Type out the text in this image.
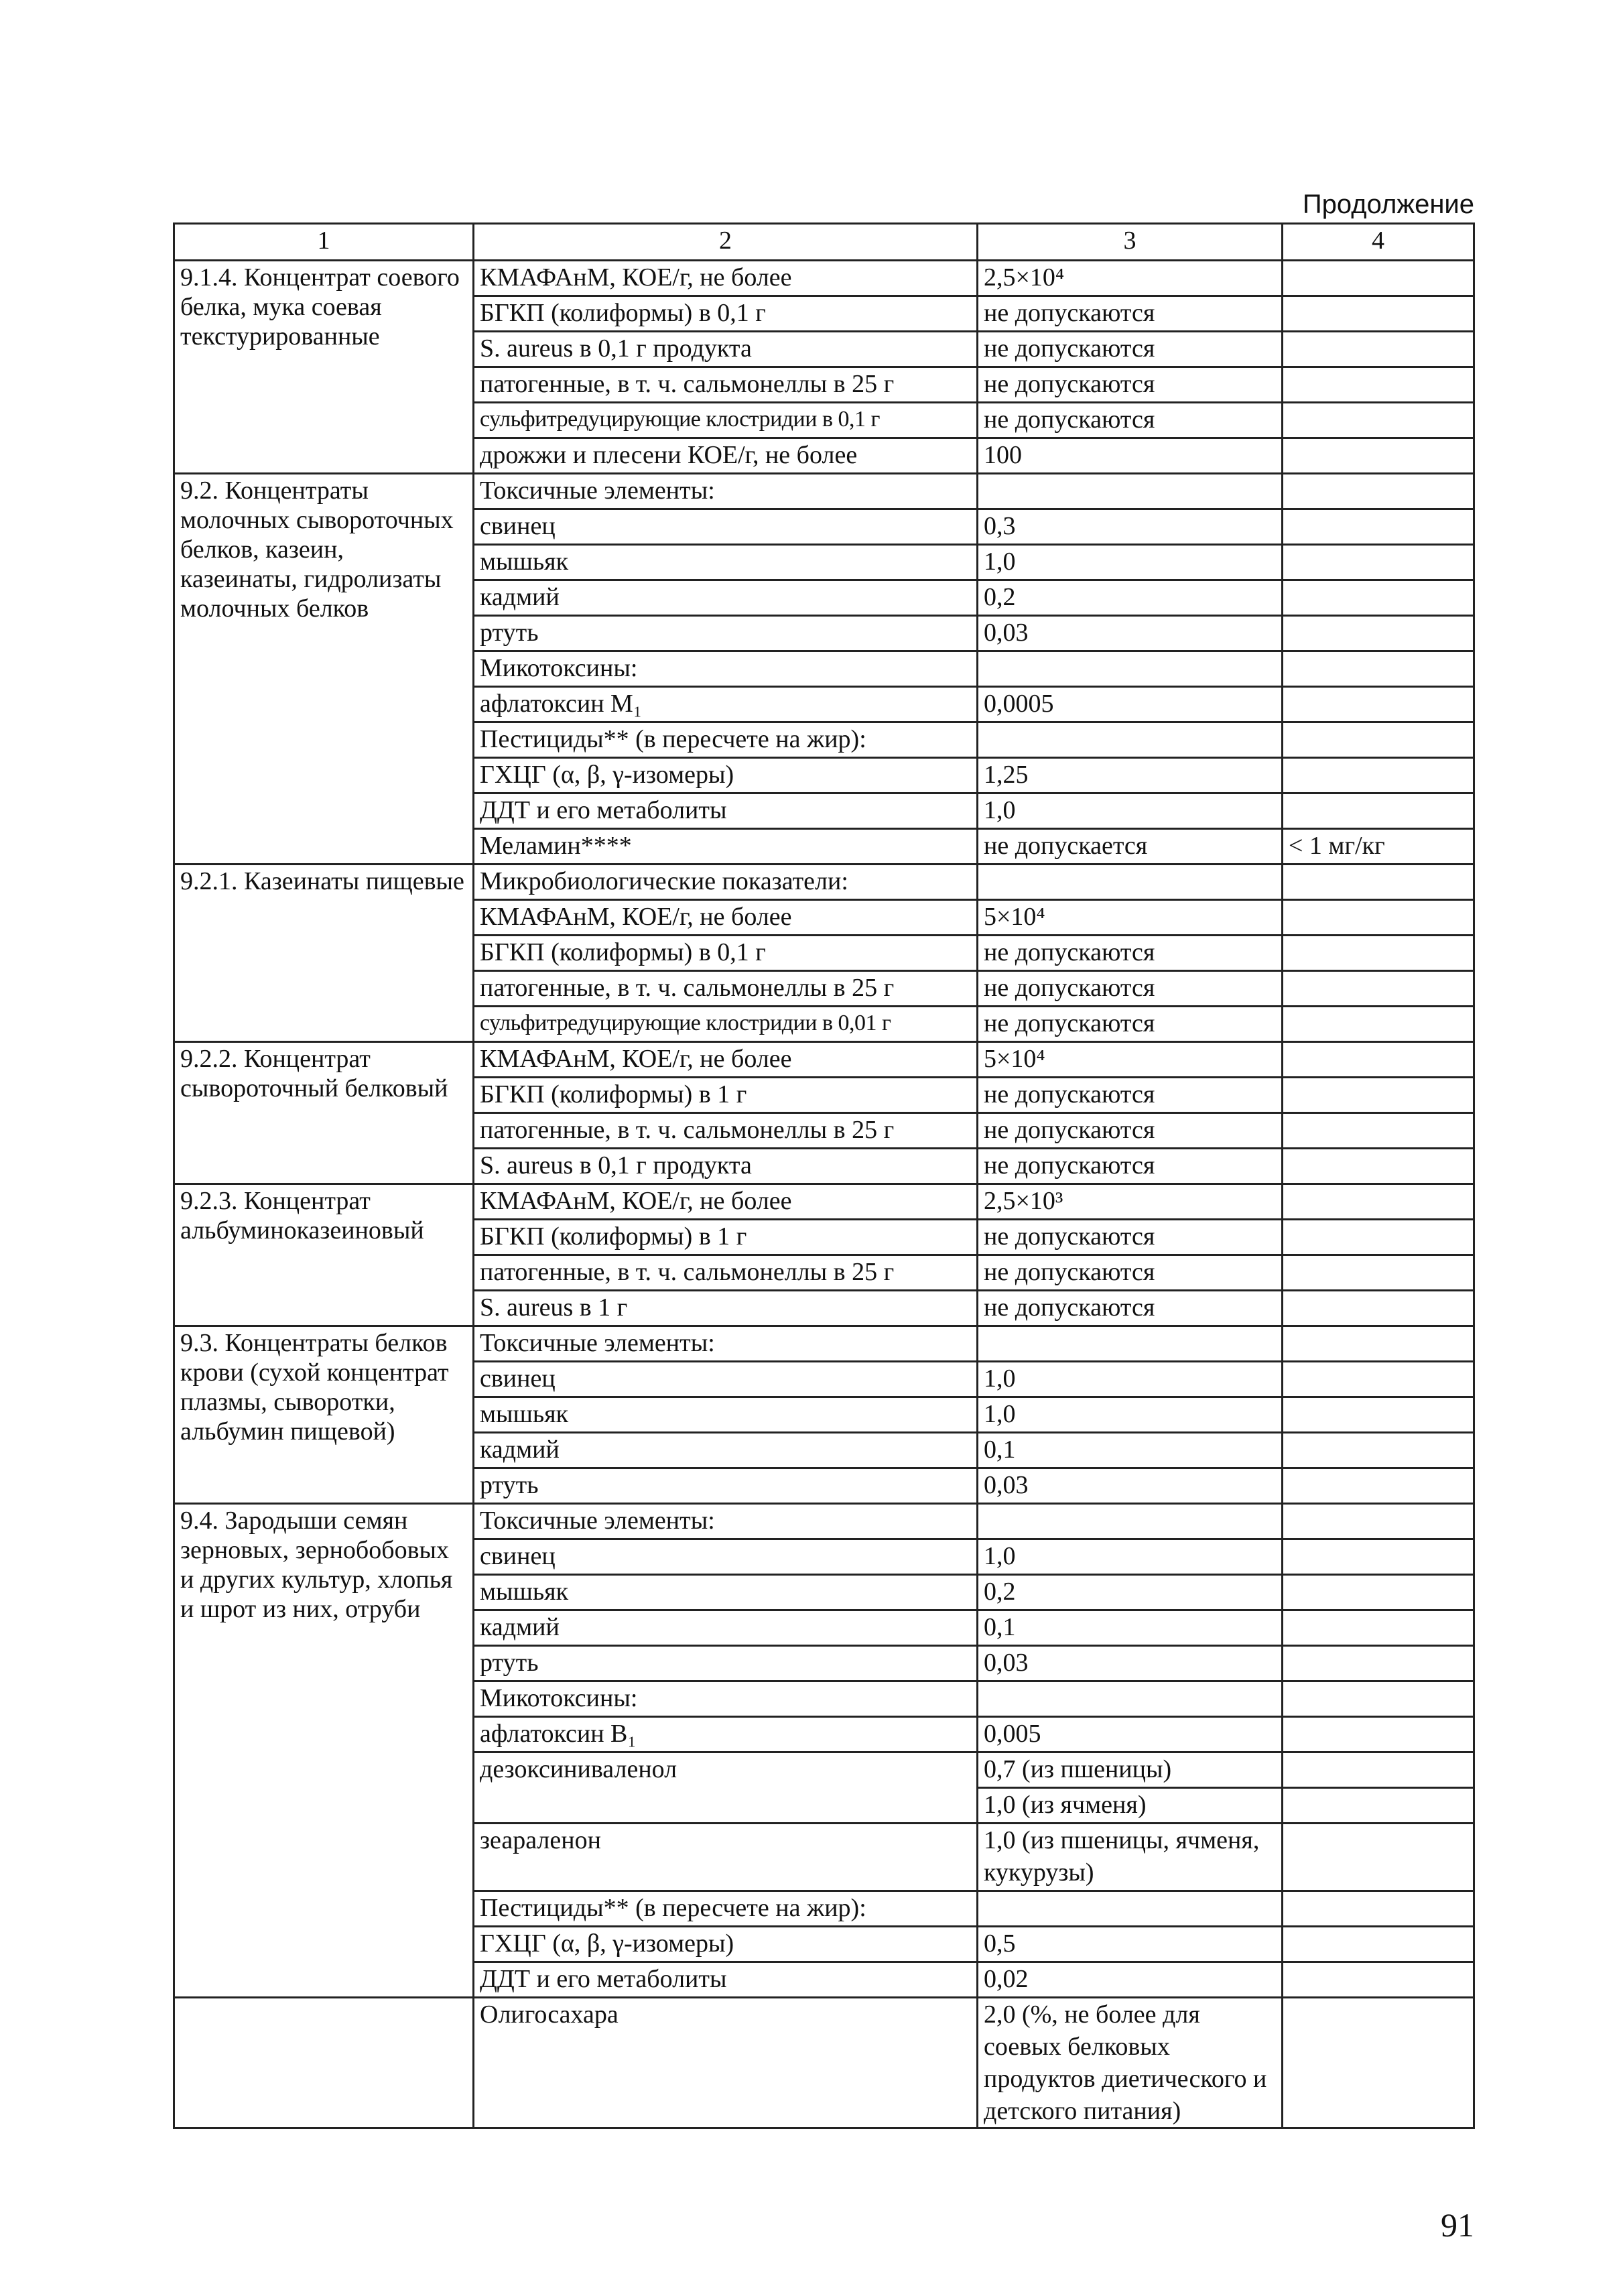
Продолжение
1	2	3	4
9.1.4. Концентрат соевого белка, мука соевая текстурированные	КМАФАнМ, КОЕ/г, не более	2,5×10⁴	
	БГКП (колиформы) в 0,1 г	не допускаются	
	S. aureus в 0,1 г продукта	не допускаются	
	патогенные, в т. ч. сальмонеллы в 25 г	не допускаются	
	сульфитредуцирующие клостридии в 0,1 г	не допускаются	
	дрожжи и плесени КОЕ/г, не более	100	
9.2. Концентраты молочных сывороточных белков, казеин, казеинаты, гидролизаты молочных белков	Токсичные элементы:		
	свинец	0,3	
	мышьяк	1,0	
	кадмий	0,2	
	ртуть	0,03	
	Микотоксины:		
	афлатоксин M₁	0,0005	
	Пестициды** (в пересчете на жир):		
	ГХЦГ (α, β, γ-изомеры)	1,25	
	ДДТ и его метаболиты	1,0	
	Меламин****	не допускается	< 1 мг/кг
9.2.1. Казеинаты пищевые	Микробиологические показатели:		
	КМАФАнМ, КОЕ/г, не более	5×10⁴	
	БГКП (колиформы) в 0,1 г	не допускаются	
	патогенные, в т. ч. сальмонеллы в 25 г	не допускаются	
	сульфитредуцирующие клостридии в 0,01 г	не допускаются	
9.2.2. Концентрат сывороточный белковый	КМАФАнМ, КОЕ/г, не более	5×10⁴	
	БГКП (колиформы) в 1 г	не допускаются	
	патогенные, в т. ч. сальмонеллы в 25 г	не допускаются	
	S. aureus в 0,1 г продукта	не допускаются	
9.2.3. Концентрат альбуминоказеиновый	КМАФАнМ, КОЕ/г, не более	2,5×10³	
	БГКП (колиформы) в 1 г	не допускаются	
	патогенные, в т. ч. сальмонеллы в 25 г	не допускаются	
	S. aureus в 1 г	не допускаются	
9.3. Концентраты белков крови (сухой концентрат плазмы, сыворотки, альбумин пищевой)	Токсичные элементы:		
	свинец	1,0	
	мышьяк	1,0	
	кадмий	0,1	
	ртуть	0,03	
9.4. Зародыши семян зерновых, зернобобовых и других культур, хлопья и шрот из них, отруби	Токсичные элементы:		
	свинец	1,0	
	мышьяк	0,2	
	кадмий	0,1	
	ртуть	0,03	
	Микотоксины:		
	афлатоксин B₁	0,005	
	дезоксиниваленол	0,7 (из пшеницы)	
		1,0 (из ячменя)	
	зеараленон	1,0 (из пшеницы, ячменя, кукурузы)	
	Пестициды** (в пересчете на жир):		
	ГХЦГ (α, β, γ-изомеры)	0,5	
	ДДТ и его метаболиты	0,02	
	Олигосахара	2,0 (%, не более для соевых белковых продуктов диетического и детского питания)	
91
